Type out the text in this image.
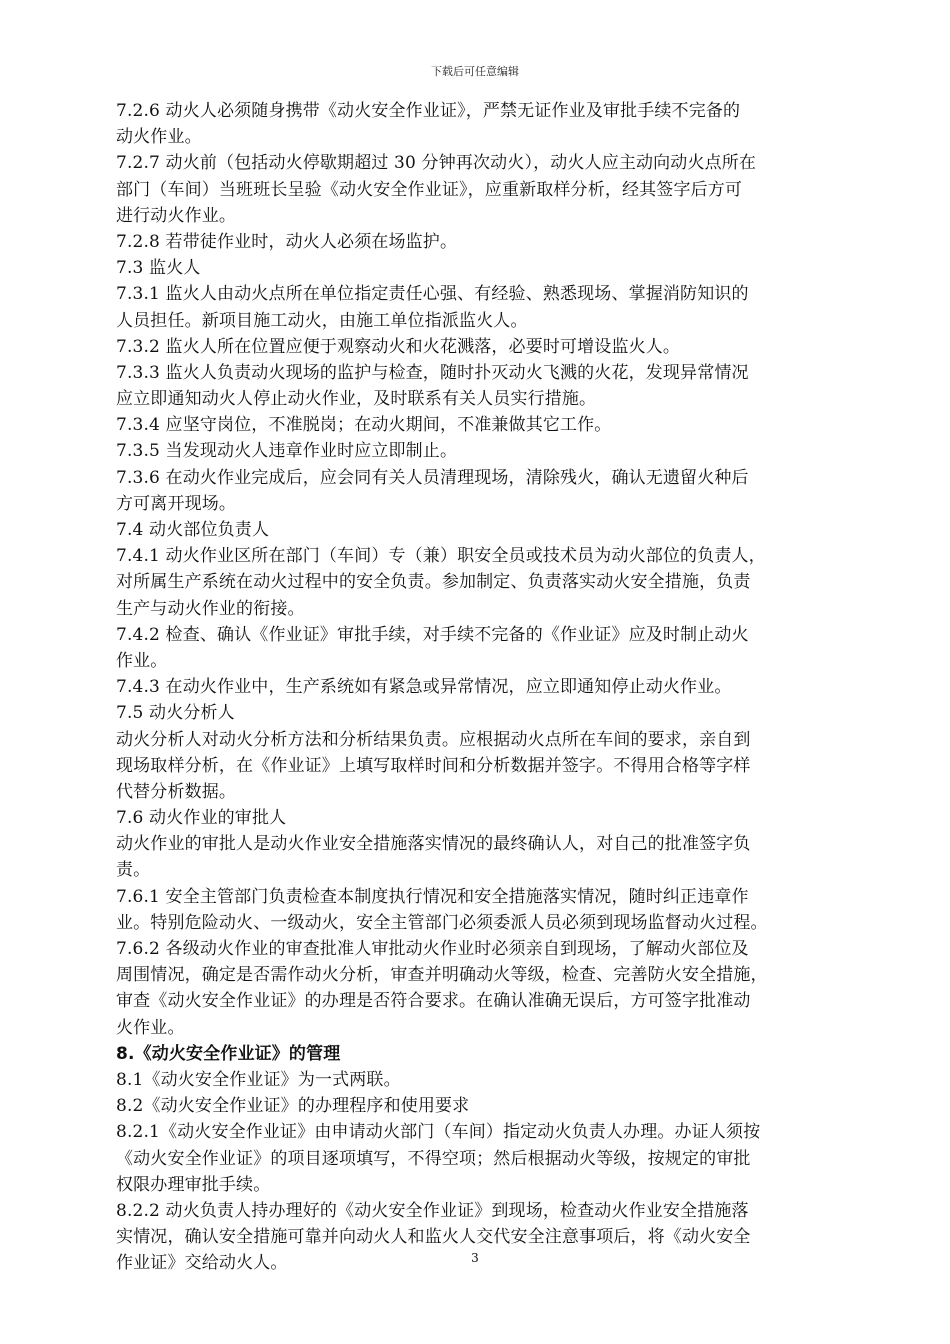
下载后可任意编辑
7.2.6 动火人必须随身携带《动火安全作业证》，严禁无证作业及审批手续不完备的
动火作业。
7.2.7 动火前（包括动火停歇期超过 30 分钟再次动火），动火人应主动向动火点所在
部门（车间）当班班长呈验《动火安全作业证》，应重新取样分析，经其签字后方可
进行动火作业。
7.2.8 若带徒作业时，动火人必须在场监护。
7.3 监火人
7.3.1 监火人由动火点所在单位指定责任心强、有经验、熟悉现场、掌握消防知识的
人员担任。新项目施工动火，由施工单位指派监火人。
7.3.2 监火人所在位置应便于观察动火和火花溅落，必要时可增设监火人。
7.3.3 监火人负责动火现场的监护与检查，随时扑灭动火飞溅的火花，发现异常情况
应立即通知动火人停止动火作业，及时联系有关人员实行措施。
7.3.4 应坚守岗位，不准脱岗；在动火期间，不准兼做其它工作。
7.3.5 当发现动火人违章作业时应立即制止。
7.3.6 在动火作业完成后，应会同有关人员清理现场，清除残火，确认无遗留火种后
方可离开现场。
7.4 动火部位负责人
7.4.1 动火作业区所在部门（车间）专（兼）职安全员或技术员为动火部位的负责人，
对所属生产系统在动火过程中的安全负责。参加制定、负责落实动火安全措施，负责
生产与动火作业的衔接。
7.4.2 检查、确认《作业证》审批手续，对手续不完备的《作业证》应及时制止动火
作业。
7.4.3 在动火作业中，生产系统如有紧急或异常情况，应立即通知停止动火作业。
7.5 动火分析人
动火分析人对动火分析方法和分析结果负责。应根据动火点所在车间的要求，亲自到
现场取样分析，在《作业证》上填写取样时间和分析数据并签字。不得用合格等字样
代替分析数据。
7.6 动火作业的审批人
动火作业的审批人是动火作业安全措施落实情况的最终确认人，对自己的批准签字负
责。
7.6.1 安全主管部门负责检查本制度执行情况和安全措施落实情况，随时纠正违章作
业。特别危险动火、一级动火，安全主管部门必须委派人员必须到现场监督动火过程。
7.6.2 各级动火作业的审查批准人审批动火作业时必须亲自到现场，了解动火部位及
周围情况，确定是否需作动火分析，审查并明确动火等级，检查、完善防火安全措施，
审查《动火安全作业证》的办理是否符合要求。在确认准确无误后，方可签字批准动
火作业。
8.《动火安全作业证》的管理
8.1《动火安全作业证》为一式两联。
8.2《动火安全作业证》的办理程序和使用要求
8.2.1《动火安全作业证》由申请动火部门（车间）指定动火负责人办理。办证人须按
《动火安全作业证》的项目逐项填写，不得空项；然后根据动火等级，按规定的审批
权限办理审批手续。
8.2.2 动火负责人持办理好的《动火安全作业证》到现场，检查动火作业安全措施落
实情况，确认安全措施可靠并向动火人和监火人交代安全注意事项后，将《动火安全
作业证》交给动火人。	3
